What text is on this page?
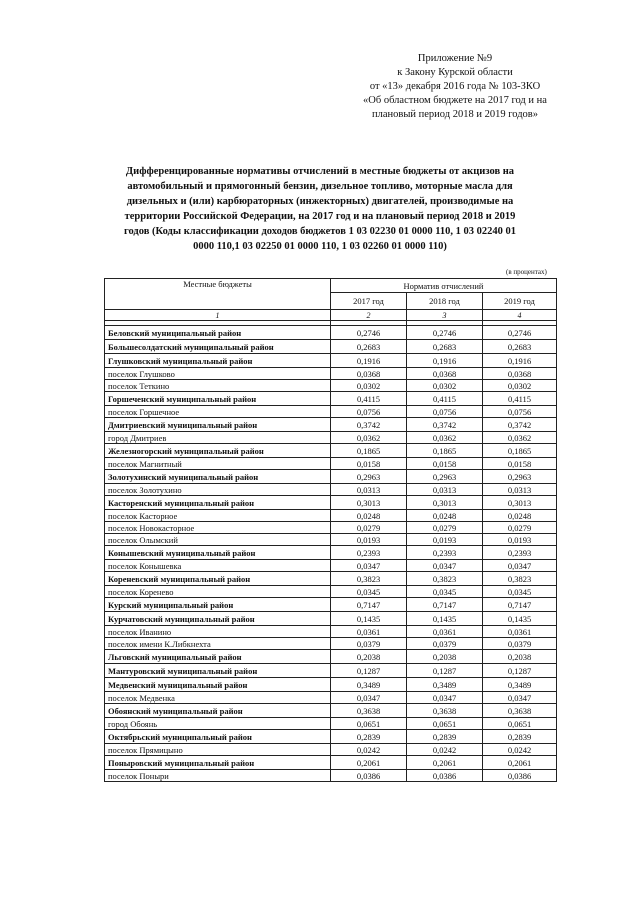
Приложение №9
к Закону Курской области
от «13» декабря 2016 года № 103-ЗКО
«Об областном бюджете на 2017 год и на
плановый период 2018 и 2019 годов»
Дифференцированные нормативы отчислений в местные бюджеты от акцизов на
автомобильный и прямогонный бензин, дизельное топливо, моторные масла для
дизельных и (или) карбюраторных (инжекторных) двигателей, производимые на
территории Российской Федерации, на 2017 год и на плановый период 2018 и 2019
годов (Коды классификации доходов бюджетов 1 03 02230 01 0000 110, 1 03 02240 01
0000 110,1 03 02250 01 0000 110, 1 03 02260 01 0000 110)
(в процентах)
Местные бюджеты	Норматив отчислений		
	2017 год	2018 год	2019 год
1	2	3	4

Беловский муниципальный район	0,2746	0,2746	0,2746
Большесолдатский муниципальный район	0,2683	0,2683	0,2683
Глушковский муниципальный район	0,1916	0,1916	0,1916
поселок Глушково	0,0368	0,0368	0,0368
поселок Теткино	0,0302	0,0302	0,0302
Горшеченский муниципальный район	0,4115	0,4115	0,4115
поселок Горшечное	0,0756	0,0756	0,0756
Дмитриевский муниципальный район	0,3742	0,3742	0,3742
город Дмитриев	0,0362	0,0362	0,0362
Железногорский муниципальный район	0,1865	0,1865	0,1865
поселок Магнитный	0,0158	0,0158	0,0158
Золотухинский муниципальный район	0,2963	0,2963	0,2963
поселок Золотухино	0,0313	0,0313	0,0313
Касторенский муниципальный район	0,3013	0,3013	0,3013
поселок Касторное	0,0248	0,0248	0,0248
поселок Новокасторное	0,0279	0,0279	0,0279
поселок Олымский	0,0193	0,0193	0,0193
Конышевский муниципальный район	0,2393	0,2393	0,2393
поселок Конышевка	0,0347	0,0347	0,0347
Кореневский муниципальный район	0,3823	0,3823	0,3823
поселок Коренево	0,0345	0,0345	0,0345
Курский муниципальный район	0,7147	0,7147	0,7147
Курчатовский муниципальный район	0,1435	0,1435	0,1435
поселок Иванино	0,0361	0,0361	0,0361
поселок имени К.Либкнехта	0,0379	0,0379	0,0379
Льговский муниципальный район	0,2038	0,2038	0,2038
Мантуровский муниципальный район	0,1287	0,1287	0,1287
Медвенский муниципальный район	0,3489	0,3489	0,3489
поселок Медвенка	0,0347	0,0347	0,0347
Обоянский муниципальный район	0,3638	0,3638	0,3638
город Обоянь	0,0651	0,0651	0,0651
Октябрьский муниципальный район	0,2839	0,2839	0,2839
поселок Прямицыно	0,0242	0,0242	0,0242
Поныровский муниципальный район	0,2061	0,2061	0,2061
поселок Поныри	0,0386	0,0386	0,0386
